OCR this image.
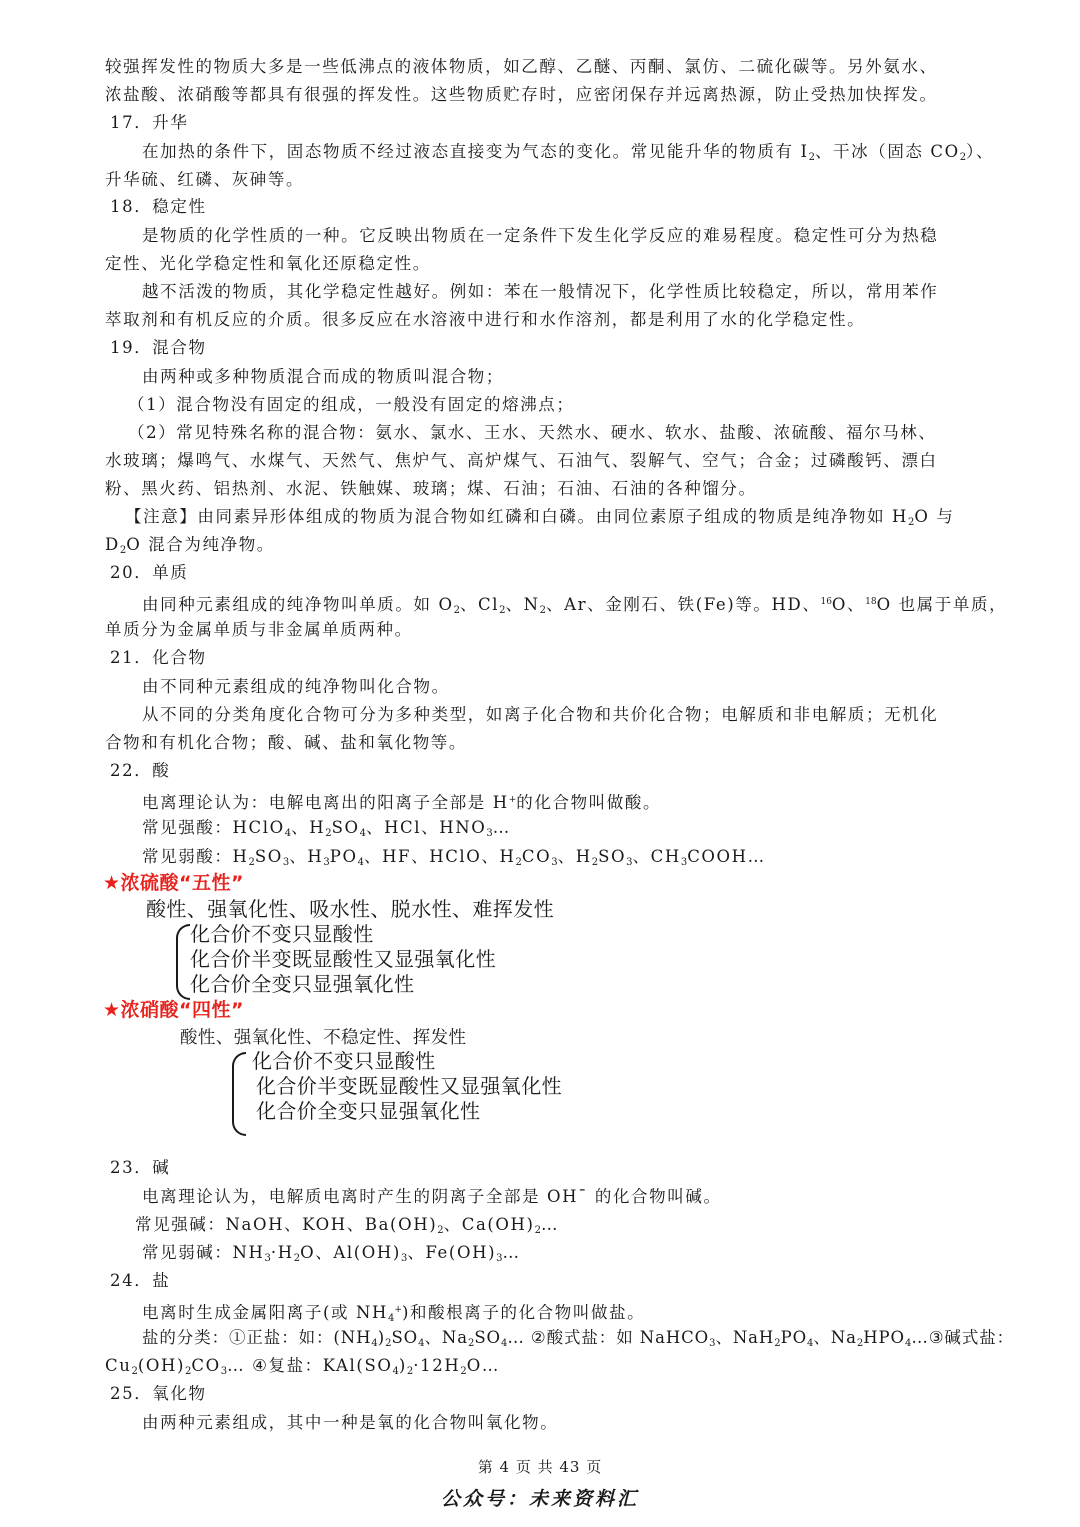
较强挥发性的物质大多是一些低沸点的液体物质，如乙醇、乙醚、丙酮、氯仿、二硫化碳等。另外氨水、
浓盐酸、浓硝酸等都具有很强的挥发性。这些物质贮存时，应密闭保存并远离热源，防止受热加快挥发。
17．升华
在加热的条件下，固态物质不经过液态直接变为气态的变化。常见能升华的物质有 $I_2$、干冰（固态 $CO_2$）、
升华硫、红磷、灰砷等。
18．稳定性
是物质的化学性质的一种。它反映出物质在一定条件下发生化学反应的难易程度。稳定性可分为热稳
定性、光化学稳定性和氧化还原稳定性。
越不活泼的物质，其化学稳定性越好。例如：苯在一般情况下，化学性质比较稳定，所以，常用苯作
萃取剂和有机反应的介质。很多反应在水溶液中进行和水作溶剂，都是利用了水的化学稳定性。
19．混合物
由两种或多种物质混合而成的物质叫混合物；
（1）混合物没有固定的组成，一般没有固定的熔沸点；
（2）常见特殊名称的混合物：氨水、氯水、王水、天然水、硬水、软水、盐酸、浓硫酸、福尔马林、
水玻璃；爆鸣气、水煤气、天然气、焦炉气、高炉煤气、石油气、裂解气、空气；合金；过磷酸钙、漂白
粉、黑火药、铝热剂、水泥、铁触媒、玻璃；煤、石油；石油、石油的各种馏分。
【注意】由同素异形体组成的物质为混合物如红磷和白磷。由同位素原子组成的物质是纯净物如 $H_2O$ 与
$D_2O$ 混合为纯净物。
20．单质
由同种元素组成的纯净物叫单质。如 $O_2$、$Cl_2$、$N_2$、Ar、金刚石、铁(Fe)等。HD、$^{16}$O、$^{18}$O 也属于单质，
单质分为金属单质与非金属单质两种。
21．化合物
由不同种元素组成的纯净物叫化合物。
从不同的分类角度化合物可分为多种类型，如离子化合物和共价化合物；电解质和非电解质；无机化
合物和有机化合物；酸、碱、盐和氧化物等。
22．酸
电离理论认为：电解电离出的阳离子全部是 H+的化合物叫做酸。
常见强酸：HClO$_4$、$H_2SO_4$、HCl、$HNO_3\dots$
常见弱酸：$H_2SO_3$、$H_3PO_4$、HF、HClO、$H_2CO_3$、$H_2SO_3$、$CH_3COOH\dots$
★浓硫酸“五性”
酸性、强氧化性、吸水性、脱水性、难挥发性
化合价不变只显酸性
化合价半变既显酸性又显强氧化性
化合价全变只显强氧化性
★浓硝酸“四性”
酸性、强氧化性、不稳定性、挥发性
化合价不变只显酸性
化合价半变既显酸性又显强氧化性
化合价全变只显强氧化性
23．碱
电离理论认为，电解质电离时产生的阴离子全部是 OH¯ 的化合物叫碱。
常见强碱：NaOH、KOH、$Ba(OH)_2$、$Ca(OH)_2\dots$
常见弱碱：$NH_3\cdot H_2O$、$Al(OH)_3$、$Fe(OH)_3\dots$
24．盐
电离时生成金属阳离子(或 $NH_4^+$)和酸根离子的化合物叫做盐。
盐的分类：①正盐：如：$(NH_4)_2SO_4$、$Na_2SO_4\dots$ ②酸式盐：如 NaHCO$_3$、$NaH_2PO_4$、$Na_2HPO_4\dots ③$碱式盐：
$Cu_2(OH)_2CO_3\dots$ ④复盐：$KAl(SO_4)_2\cdot 12H_2O\dots$
25．氧化物
由两种元素组成，其中一种是氧的化合物叫氧化物。
第 4 页 共 43 页
公众号：未来资料汇
